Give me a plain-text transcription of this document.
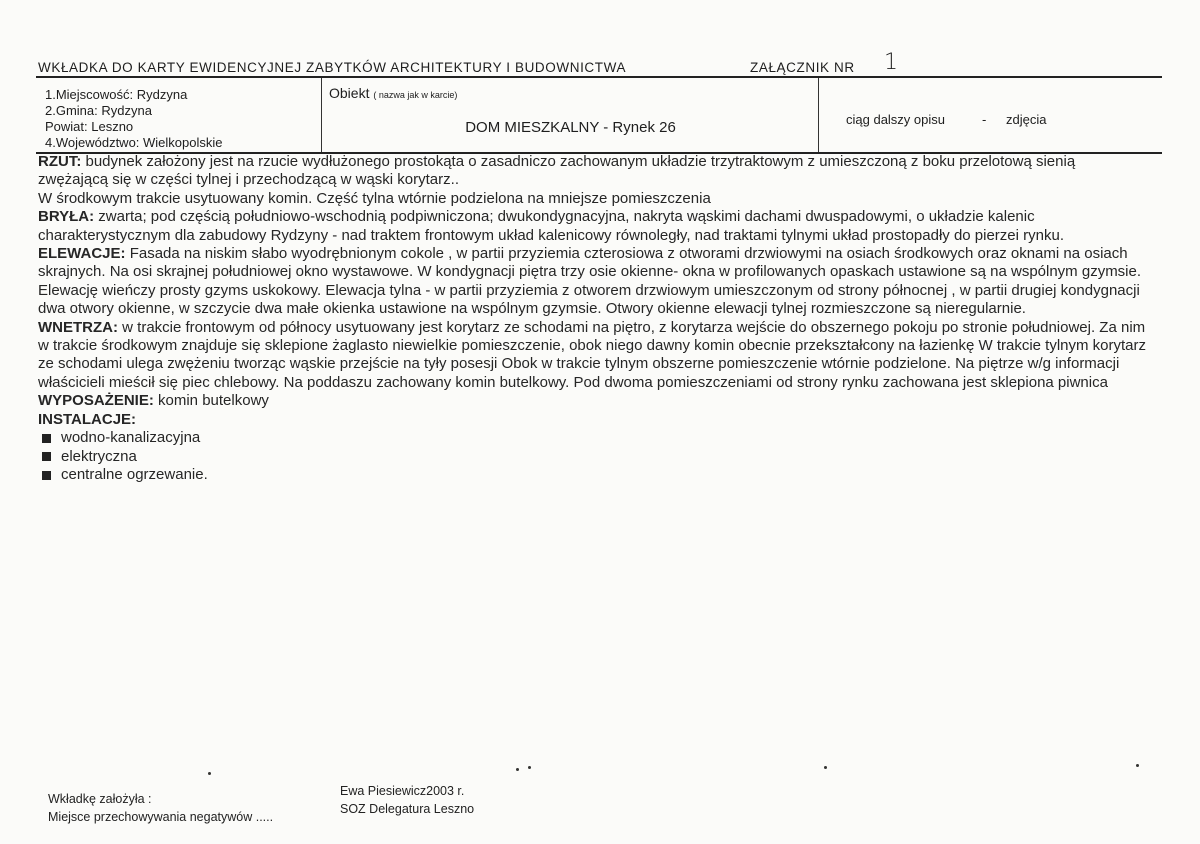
WKŁADKA DO KARTY EWIDENCYJNEJ ZABYTKÓW ARCHITEKTURY I BUDOWNICTWA	ZAŁĄCZNIK NR 1
1.Miejscowość: Rydzyna
2.Gmina: Rydzyna
Powiat: Leszno
4.Województwo: Wielkopolskie
Obiekt ( nazwa jak w karcie)
DOM MIESZKALNY - Rynek 26	ciąg dalszy opisu	- zdjęcia

RZUT: budynek założony jest na rzucie wydłużonego prostokąta o zasadniczo zachowanym układzie trzytraktowym z umieszczoną z boku przelotową sienią zwężającą się w części tylnej i przechodzącą w wąski korytarz..

W środkowym trakcie usytuowany komin. Część tylna wtórnie podzielona na mniejsze pomieszczenia

BRYŁA: zwarta; pod częścią południowo-wschodnią podpiwniczona; dwukondygnacyjna, nakryta wąskimi dachami dwuspadowymi, o układzie kalenic charakterystycznym dla zabudowy Rydzyny - nad traktem frontowym układ kalenicowy równoległy, nad traktami tylnymi układ prostopadły do pierzei rynku.

ELEWACJE: Fasada na niskim słabo wyodrębnionym cokole , w partii przyziemia czterosiowa z otworami drzwiowymi na osiach środkowych oraz oknami na osiach skrajnych. Na osi skrajnej południowej okno wystawowe. W kondygnacji piętra trzy osie okienne- okna w profilowanych opaskach ustawione są na wspólnym gzymsie. Elewację wieńczy prosty gzyms uskokowy. Elewacja tylna - w partii przyziemia z otworem drzwiowym umieszczonym od strony północnej , w partii drugiej kondygnacji dwa otwory okienne, w szczycie dwa małe okienka ustawione na wspólnym gzymsie. Otwory okienne elewacji tylnej rozmieszczone są nieregularnie.

WNETRZA: w trakcie frontowym od północy usytuowany jest korytarz ze schodami na piętro, z korytarza wejście do obszernego pokoju po stronie południowej. Za nim w trakcie środkowym znajduje się sklepione żaglasto niewielkie pomieszczenie, obok niego dawny komin obecnie przekształcony na łazienkę W trakcie tylnym korytarz ze schodami ulega zwężeniu tworząc wąskie przejście na tyły posesji Obok w trakcie tylnym obszerne pomieszczenie wtórnie podzielone. Na piętrze w/g informacji właścicieli mieścił się piec chlebowy. Na poddaszu zachowany komin butelkowy. Pod dwoma pomieszczeniami od strony rynku zachowana jest sklepiona piwnica

WYPOSAŻENIE: komin butelkowy

INSTALACJE:

wodno-kanalizacyjna
elektryczna
centralne ogrzewanie.
Wkładkę założyła :
Miejsce przechowywania negatywów .....
Ewa Piesiewicz2003 r.
SOZ Delegatura Leszno
